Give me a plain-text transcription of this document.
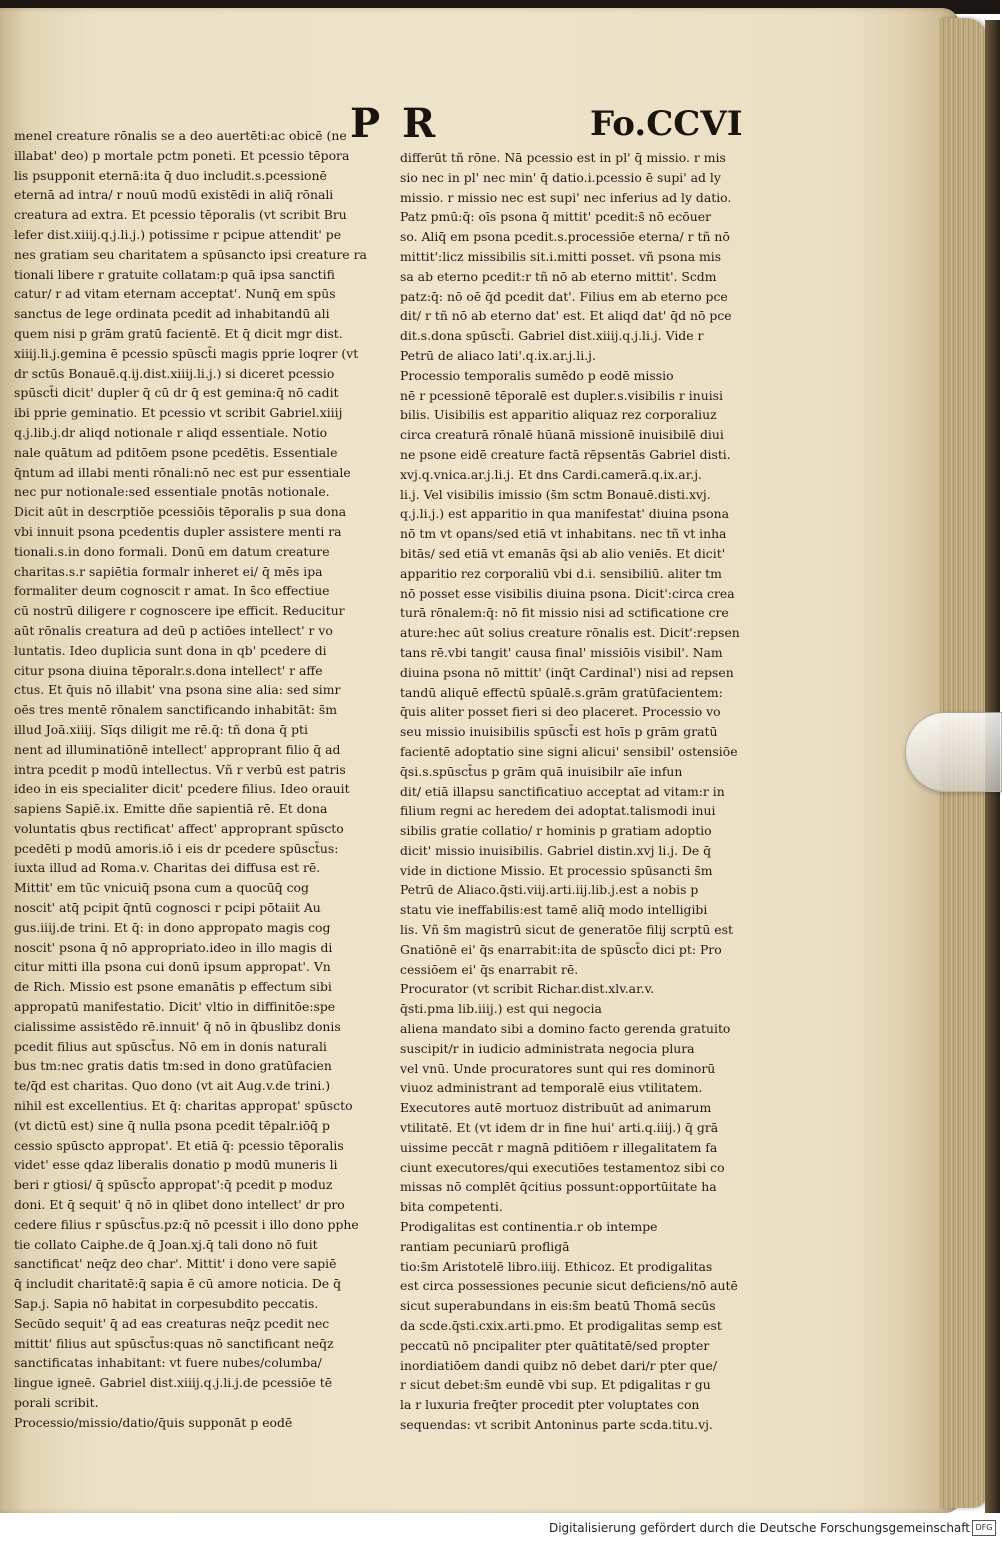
P R	Fo.CCVI
menel creature rōnalis se a deo auertēti:ac obicē (ne
illabat' deo) p mortale pctm poneti. Et pcessio tēpora
lis psupponit eternā:ita q̄ duo includit.s.pcessionē
eternā ad intra/ r nouū modū existēdi in aliq̄ rōnali
creatura ad extra. Et pcessio tēporalis (vt scribit Bru
lefer dist.xiiij.q.j.li.j.) potissime r pcipue attendit' pe
nes gratiam seu charitatem a spūsancto ipsi creature ra
tionali libere r gratuite collatam:p quā ipsa sanctifi
catur/ r ad vitam eternam acceptat'. Nunq̄ em spūs
sanctus de lege ordinata pcedit ad inhabitandū ali
quem nisi p grām gratū facientē. Et q̄ dicit mgr dist.
xiiij.li.j.gemina ē pcessio spūsct̄i magis pprie loqrer (vt
dr sctūs Bonauē.q.ij.dist.xiiij.li.j.) si diceret pcessio
spūsct̄i dicit' dupler q̄ cū dr q̄ est gemina:q̄ nō cadit
ibi pprie geminatio. Et pcessio vt scribit Gabriel.xiiij
q.j.lib.j.dr aliqd notionale r aliqd essentiale. Notio
nale quātum ad pditōem psone pcedētis. Essentiale
q̄ntum ad illabi menti rōnali:nō nec est pur essentiale
nec pur notionale:sed essentiale pnotās notionale.
Dicit aūt in descrptiōe pcessiōis tēporalis p sua dona
vbi innuit psona pcedentis dupler assistere menti ra
tionali.s.in dono formali. Donū em datum creature
charitas.s.r sapiētia formalr inheret ei/ q̄ mēs ipa
formaliter deum cognoscit r amat. In s̄co effectiue
cū nostrū diligere r cognoscere ipe efficit. Reducitur
aūt rōnalis creatura ad deū p actiōes intellect' r vo
luntatis. Ideo duplicia sunt dona in qb' pcedere di
citur psona diuina tēporalr.s.dona intellect' r affe
ctus. Et q̄uis nō illabit' vna psona sine alia: sed simr
oēs tres mentē rōnalem sanctificando inhabitāt: s̄m
illud Joā.xiiij. Sīqs diligit me rē.q̄: tñ dona q̄ pti
nent ad illuminatiōnē intellect' approprant filio q̄ ad
intra pcedit p modū intellectus. Vñ r verbū est patris
ideo in eis specialiter dicit' pcedere filius. Ideo orauit
sapiens Sapiē.ix. Emitte dñe sapientiā rē. Et dona
voluntatis qbus rectificat' affect' approprant spūscto
pcedēti p modū amoris.iō i eis dr pcedere spūsct̄us:
iuxta illud ad Roma.v. Charitas dei diffusa est rē.
Mittit' em tūc vnicuiq̄ psona cum a quocūq̄ cog
noscit' atq̄ pcipit q̄ntū cognosci r pcipi pōtaiit Au
gus.iiij.de trini. Et q̄: in dono appropato magis cog
noscit' psona q̄ nō appropriato.ideo in illo magis di
citur mitti illa psona cui donū ipsum appropat'. Vn
de Rich. Missio est psone emanātis p effectum sibi
appropatū manifestatio. Dicit' vltio in diffinitōe:spe
cialissime assistēdo rē.innuit' q̄ nō in q̄buslibz donis
pcedit filius aut spūsct̄us. Nō em in donis naturali
bus tm:nec gratis datis tm:sed in dono gratūfacien
te/q̄d est charitas. Quo dono (vt ait Aug.v.de trini.)
nihil est excellentius. Et q̄: charitas appropat' spūscto
(vt dictū est) sine q̄ nulla psona pcedit tēpalr.iōq̄ p
cessio spūscto appropat'. Et etiā q̄: pcessio tēporalis
videt' esse qdaz liberalis donatio p modū muneris li
beri r gtiosi/ q̄ spūsct̄o appropat':q̄ pcedit p moduz
doni. Et q̄ sequit' q̄ nō in qlibet dono intellect' dr pro
cedere filius r spūsct̄us.pz:q̄ nō pcessit i illo dono pphe
tie collato Caiphe.de q̄ Joan.xj.q̄ tali dono nō fuit
sanctificat' neq̄z deo char'. Mittit' i dono vere sapiē
q̄ includit charitatē:q̄ sapia ē cū amore noticia. De q̄
Sap.j. Sapia nō habitat in corpesubdito peccatis.
Secūdo sequit' q̄ ad eas creaturas neq̄z pcedit nec
mittit' filius aut spūsct̄us:quas nō sanctificant neq̄z
sanctificatas inhabitant: vt fuere nubes/columba/
lingue igneē. Gabriel dist.xiiij.q.j.li.j.de pcessiōe tē
porali scribit.
Processio/missio/datio/q̄uis supponāt p eodē
differūt tñ rōne. Nā pcessio est in pl' q̄ missio. r mis
sio nec in pl' nec min' q̄ datio.i.pcessio ē supi' ad ly
missio. r missio nec est supi' nec inferius ad ly datio.
Patz pmū:q̄: oīs psona q̄ mittit' pcedit:s̄ nō ecōuer
so. Aliq̄ em psona pcedit.s.processiōe eterna/ r tñ nō
mittit':licz missibilis sit.i.mitti posset. vñ psona mis
sa ab eterno pcedit:r tñ nō ab eterno mittit'. Scdm
patz:q̄: nō oē q̄d pcedit dat'. Filius em ab eterno pce
dit/ r tñ nō ab eterno dat' est. Et aliqd dat' q̄d nō pce
dit.s.dona spūsct̄i. Gabriel dist.xiiij.q.j.li.j. Vide r
Petrū de aliaco lati'.q.ix.ar.j.li.j.
Processio temporalis sumēdo p eodē missio
nē r pcessionē tēporalē est dupler.s.visibilis r inuisi
bilis. Uisibilis est apparitio aliquaz rez corporaliuz
circa creaturā rōnalē hūanā missionē inuisibilē diui
ne psone eidē creature factā rēpsentās Gabriel disti.
xvj.q.vnica.ar.j.li.j. Et dns Cardi.camerā.q.ix.ar.j.
li.j. Vel visibilis imissio (s̄m sctm Bonauē.disti.xvj.
q.j.li.j.) est apparitio in qua manifestat' diuina psona
nō tm vt opans/sed etiā vt inhabitans. nec tñ vt inha
bitās/ sed etiā vt emanās q̄si ab alio veniēs. Et dicit'
apparitio rez corporaliū vbi d.i. sensibiliū. aliter tm
nō posset esse visibilis diuina psona. Dicit':circa crea
turā rōnalem:q̄: nō fit missio nisi ad sctificatione cre
ature:hec aūt solius creature rōnalis est. Dicit':repsen
tans rē.vbi tangit' causa final' missiōis visibil'. Nam
diuina psona nō mittit' (inq̄t Cardinal') nisi ad repsen
tandū aliquē effectū spūalē.s.grām gratūfacientem:
q̄uis aliter posset fieri si deo placeret. Processio vo
seu missio inuisibilis spūsct̄i est hoīs p grām gratū
facientē adoptatio sine signi alicui' sensibil' ostensiōe
q̄si.s.spūsct̄us p grām quā inuisibilr aīe infun
dit/ etiā illapsu sanctificatiuo acceptat ad vitam:r in
filium regni ac heredem dei adoptat.talismodi inui
sibilis gratie collatio/ r hominis p gratiam adoptio
dicit' missio inuisibilis. Gabriel distin.xvj li.j. De q̄
vide in dictione Missio. Et processio spūsancti s̄m
Petrū de Aliaco.q̄sti.viij.arti.iij.lib.j.est a nobis p
statu vie ineffabilis:est tamē aliq̄ modo intelligibi
lis. Vñ s̄m magistrū sicut de generatōe filij scrptū est
Gnatiōnē ei' q̄s enarrabit:ita de spūsct̄o dici pt: Pro
cessiōem ei' q̄s enarrabit rē.
Procurator (vt scribit Richar.dist.xlv.ar.v.
q̄sti.pma lib.iiij.) est qui negocia
aliena mandato sibi a domino facto gerenda gratuito
suscipit/r in iudicio administrata negocia plura
vel vnū. Unde procuratores sunt qui res dominorū
viuoz administrant ad temporalē eius vtilitatem.
Executores autē mortuoz distribuūt ad animarum
vtilitatē. Et (vt idem dr in fine hui' arti.q.iiij.) q̄ grā
uissime peccāt r magnā pditiōem r illegalitatem fa
ciunt executores/qui executiōes testamentoz sibi co
missas nō complēt q̄citius possunt:opportūitate ha
bita competenti.
Prodigalitas est continentia.r ob intempe
rantiam pecuniarū profligā
tio:s̄m Aristotelē libro.iiij. Ethicoz. Et prodigalitas
est circa possessiones pecunie sicut deficiens/nō autē
sicut superabundans in eis:s̄m beatū Thomā secūs
da scde.q̄sti.cxix.arti.pmo. Et prodigalitas semp est
peccatū nō pncipaliter pter quātitatē/sed propter
inordiatiōem dandi quibz nō debet dari/r pter que/
r sicut debet:s̄m eundē vbi sup. Et pdigalitas r gu
la r luxuria freq̄ter procedit pter voluptates con
sequendas: vt scribit Antoninus parte scda.titu.vj.
Digitalisierung gefördert durch die Deutsche Forschungsgemeinschaft DFG
